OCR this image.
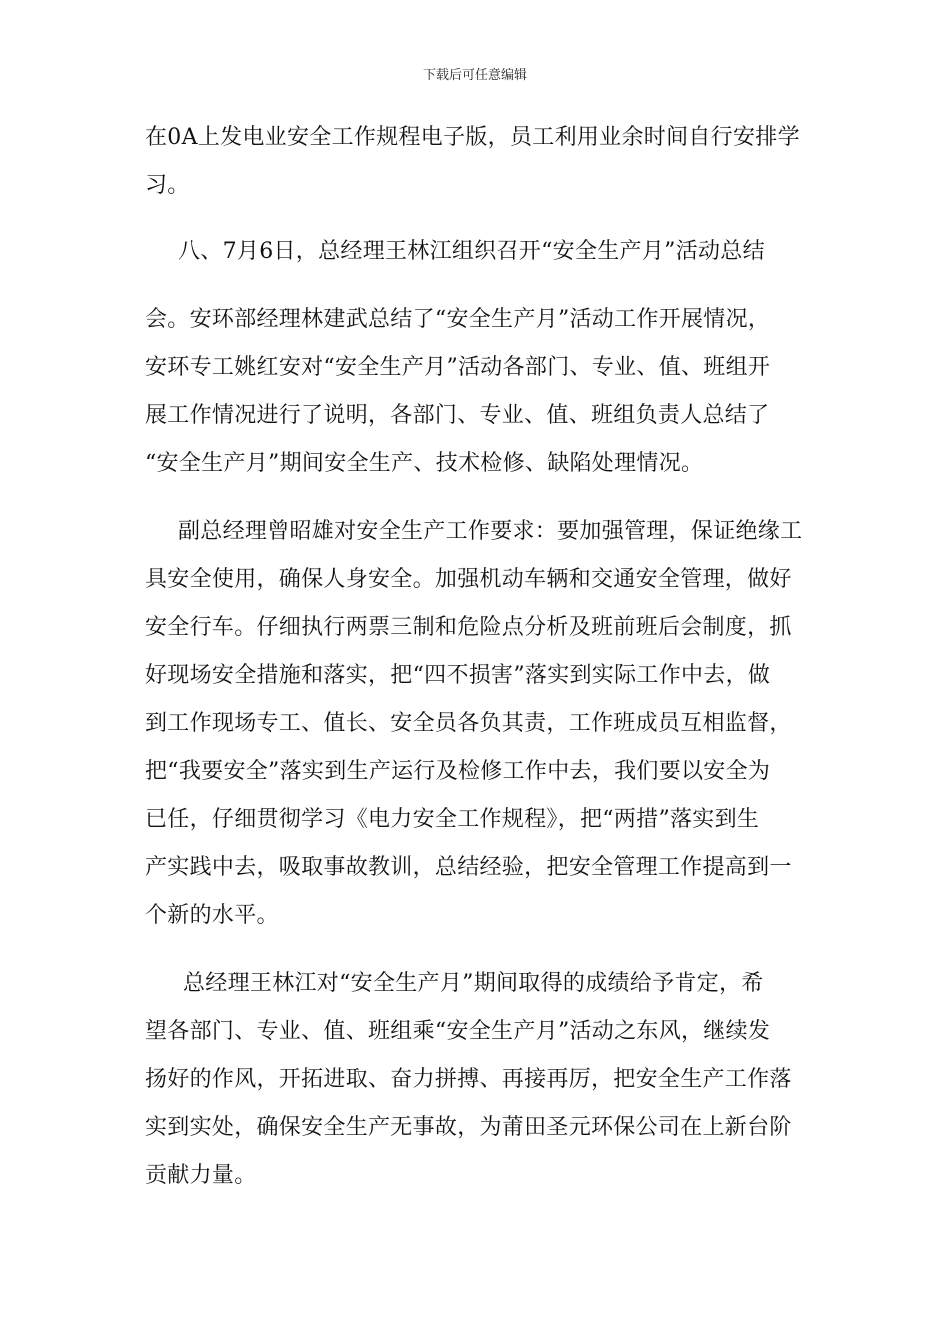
下载后可任意编辑
在0A上发电业安全工作规程电子版，员工利用业余时间自行安排学
习。
八、7月6日，总经理王林江组织召开“安全生产月”活动总结
会。安环部经理林建武总结了“安全生产月”活动工作开展情况，
安环专工姚红安对“安全生产月”活动各部门、专业、值、班组开
展工作情况进行了说明，各部门、专业、值、班组负责人总结了
“安全生产月”期间安全生产、技术检修、缺陷处理情况。
副总经理曾昭雄对安全生产工作要求：要加强管理，保证绝缘工
具安全使用，确保人身安全。加强机动车辆和交通安全管理，做好
安全行车。仔细执行两票三制和危险点分析及班前班后会制度，抓
好现场安全措施和落实，把“四不损害”落实到实际工作中去，做
到工作现场专工、值长、安全员各负其责，工作班成员互相监督，
把“我要安全”落实到生产运行及检修工作中去，我们要以安全为
已任，仔细贯彻学习《电力安全工作规程》，把“两措”落实到生
产实践中去，吸取事故教训，总结经验，把安全管理工作提高到一
个新的水平。
总经理王林江对“安全生产月”期间取得的成绩给予肯定，希
望各部门、专业、值、班组乘“安全生产月”活动之东风，继续发
扬好的作风，开拓进取、奋力拼搏、再接再厉，把安全生产工作落
实到实处，确保安全生产无事故，为莆田圣元环保公司在上新台阶
贡献力量。
